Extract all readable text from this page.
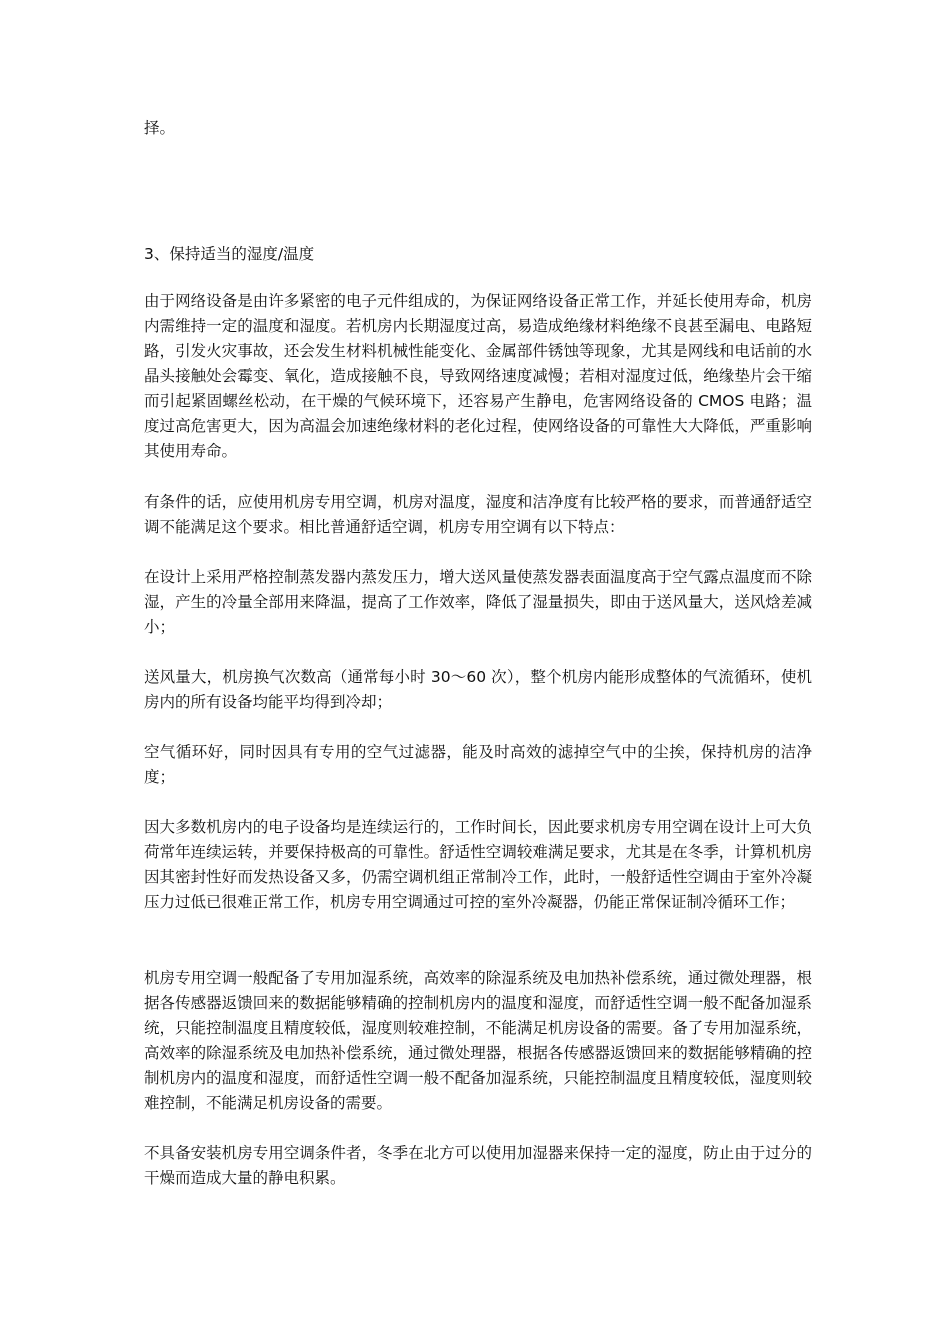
择。

3、保持适当的湿度/温度

由于网络设备是由许多紧密的电子元件组成的，为保证网络设备正常工作，并延长使用寿命，机房内需维持一定的温度和湿度。若机房内长期湿度过高，易造成绝缘材料绝缘不良甚至漏电、电路短路，引发火灾事故，还会发生材料机械性能变化、金属部件锈蚀等现象，尤其是网线和电话前的水晶头接触处会霉变、氧化，造成接触不良，导致网络速度减慢；若相对湿度过低，绝缘垫片会干缩而引起紧固螺丝松动，在干燥的气候环境下，还容易产生静电，危害网络设备的 CMOS 电路；温度过高危害更大，因为高温会加速绝缘材料的老化过程，使网络设备的可靠性大大降低，严重影响其使用寿命。

有条件的话，应使用机房专用空调，机房对温度，湿度和洁净度有比较严格的要求，而普通舒适空调不能满足这个要求。相比普通舒适空调，机房专用空调有以下特点：

在设计上采用严格控制蒸发器内蒸发压力，增大送风量使蒸发器表面温度高于空气露点温度而不除湿，产生的冷量全部用来降温，提高了工作效率，降低了湿量损失，即由于送风量大，送风焓差减小；

送风量大，机房换气次数高（通常每小时 30～60 次），整个机房内能形成整体的气流循环，使机房内的所有设备均能平均得到冷却；

空气循环好，同时因具有专用的空气过滤器，能及时高效的滤掉空气中的尘挨，保持机房的洁净度；

因大多数机房内的电子设备均是连续运行的，工作时间长，因此要求机房专用空调在设计上可大负荷常年连续运转，并要保持极高的可靠性。舒适性空调较难满足要求，尤其是在冬季，计算机机房因其密封性好而发热设备又多，仍需空调机组正常制冷工作，此时，一般舒适性空调由于室外冷凝压力过低已很难正常工作，机房专用空调通过可控的室外冷凝器，仍能正常保证制冷循环工作；

机房专用空调一般配备了专用加湿系统，高效率的除湿系统及电加热补偿系统，通过微处理器，根据各传感器返馈回来的数据能够精确的控制机房内的温度和湿度，而舒适性空调一般不配备加湿系统，只能控制温度且精度较低，湿度则较难控制，不能满足机房设备的需要。备了专用加湿系统，高效率的除湿系统及电加热补偿系统，通过微处理器，根据各传感器返馈回来的数据能够精确的控制机房内的温度和湿度，而舒适性空调一般不配备加湿系统，只能控制温度且精度较低，湿度则较难控制，不能满足机房设备的需要。

不具备安装机房专用空调条件者，冬季在北方可以使用加湿器来保持一定的湿度，防止由于过分的干燥而造成大量的静电积累。
